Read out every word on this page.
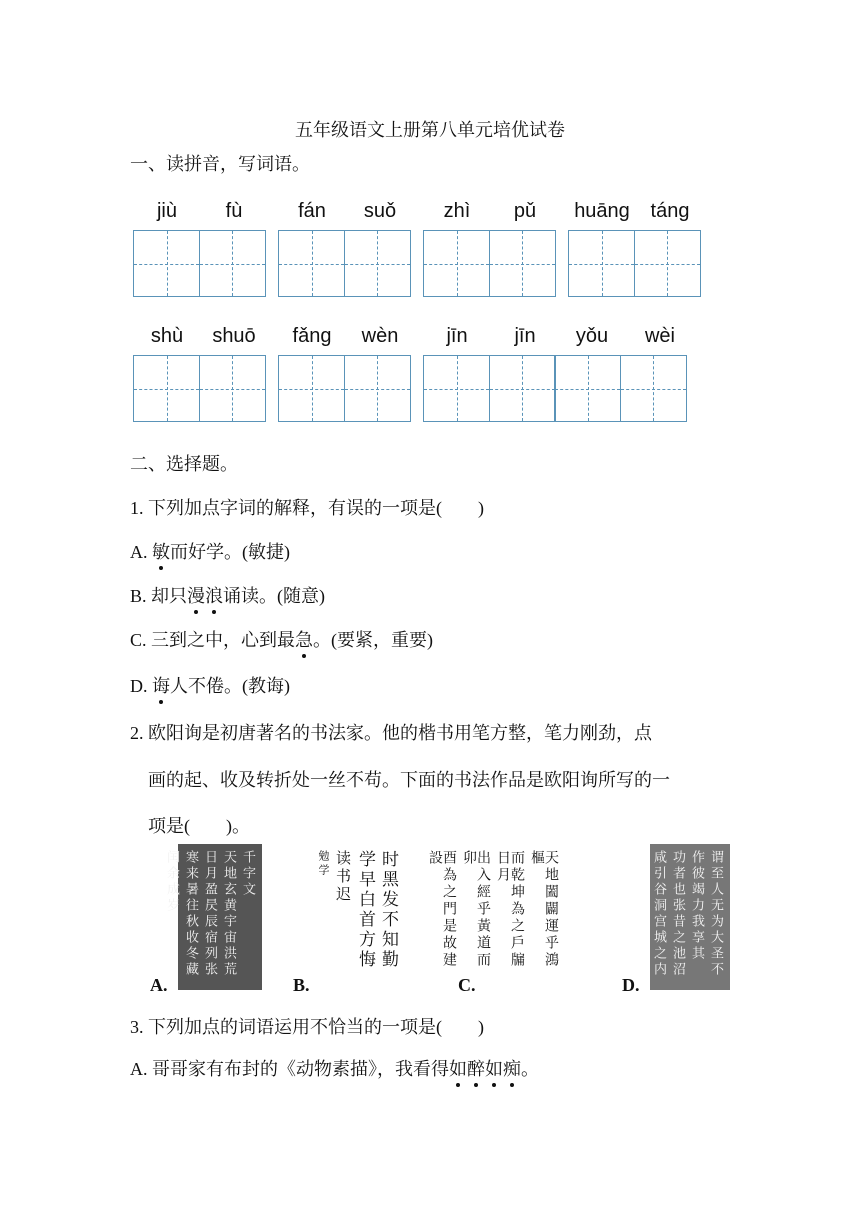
五年级语文上册第八单元培优试卷
一、读拼音，写词语。
jiù	fù	fán	suǒ	zhì	pǔ	huāng	táng
shù	shuō	fǎng	wèn	jīn	jīn	yǒu	wèi
二、选择题。
1. 下列加点字词的解释，有误的一项是(　　)
A. 敏而好学。(敏捷)
B. 却只漫浪诵读。(随意)
C. 三到之中，心到最急。(要紧，重要)
D. 诲人不倦。(教诲)
2. 欧阳询是初唐著名的书法家。他的楷书用笔方整，笔力刚劲，点
画的起、收及转折处一丝不苟。下面的书法作品是欧阳询所写的一
项是(　　)。
千字文
天地玄黄宇宙洪荒
日月盈昃辰宿列张
寒来暑往秋收冬藏
闰余成岁	时黑发不知勤
学早白首方悔
读书迟
勉学	天地闔闢運乎鴻樞
而乾坤為之戶牖日月
出入經乎黃道而卯
酉為之門是故建設	谓至人无为大圣不
作彼竭力我享其
功者也张昔之池沼
咸引谷洞宫城之内
A.	B.	C.	D.
3. 下列加点的词语运用不恰当的一项是(　　)
A. 哥哥家有布封的《动物素描》，我看得如醉如痴。
